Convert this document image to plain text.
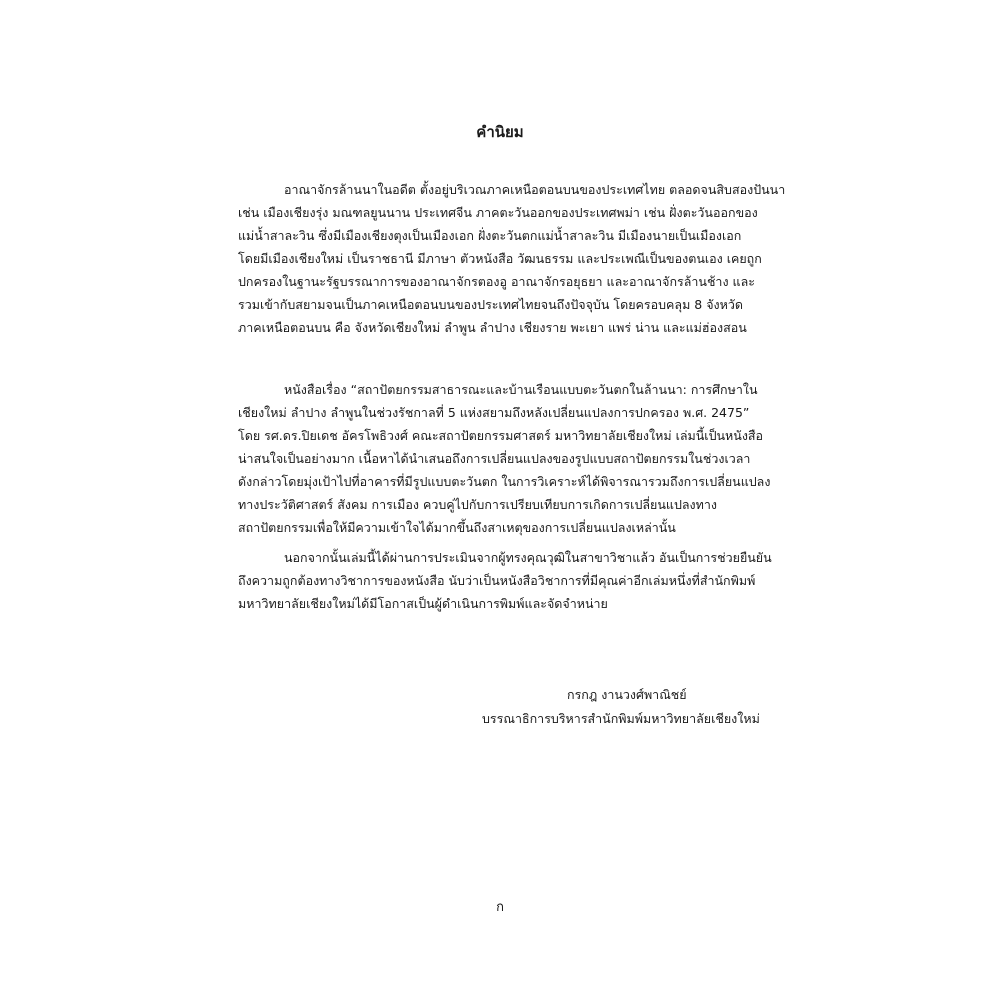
คำนิยม
อาณาจักรล้านนาในอดีต ตั้งอยู่บริเวณภาคเหนือตอนบนของประเทศไทย ตลอดจนสิบสองปันนา
เช่น เมืองเชียงรุ่ง มณฑลยูนนาน ประเทศจีน ภาคตะวันออกของประเทศพม่า เช่น ฝั่งตะวันออกของ
แม่น้ำสาละวิน ซึ่งมีเมืองเชียงตุงเป็นเมืองเอก ฝั่งตะวันตกแม่น้ำสาละวิน มีเมืองนายเป็นเมืองเอก
โดยมีเมืองเชียงใหม่ เป็นราชธานี มีภาษา ตัวหนังสือ วัฒนธรรม และประเพณีเป็นของตนเอง เคยถูก
ปกครองในฐานะรัฐบรรณาการของอาณาจักรตองอู อาณาจักรอยุธยา และอาณาจักรล้านช้าง และ
รวมเข้ากับสยามจนเป็นภาคเหนือตอนบนของประเทศไทยจนถึงปัจจุบัน โดยครอบคลุม 8 จังหวัด
ภาคเหนือตอนบน คือ จังหวัดเชียงใหม่ ลำพูน ลำปาง เชียงราย พะเยา แพร่ น่าน และแม่ฮ่องสอน
หนังสือเรื่อง “สถาปัตยกรรมสาธารณะและบ้านเรือนแบบตะวันตกในล้านนา: การศึกษาใน
เชียงใหม่ ลำปาง ลำพูนในช่วงรัชกาลที่ 5 แห่งสยามถึงหลังเปลี่ยนแปลงการปกครอง พ.ศ. 2475”
โดย รศ.ดร.ปิยเดช อัครโพธิวงศ์ คณะสถาปัตยกรรมศาสตร์ มหาวิทยาลัยเชียงใหม่ เล่มนี้เป็นหนังสือ
น่าสนใจเป็นอย่างมาก เนื้อหาได้นำเสนอถึงการเปลี่ยนแปลงของรูปแบบสถาปัตยกรรมในช่วงเวลา
ดังกล่าวโดยมุ่งเป้าไปที่อาคารที่มีรูปแบบตะวันตก ในการวิเคราะห์ได้พิจารณารวมถึงการเปลี่ยนแปลง
ทางประวัติศาสตร์ สังคม การเมือง ควบคู่ไปกับการเปรียบเทียบการเกิดการเปลี่ยนแปลงทาง
สถาปัตยกรรมเพื่อให้มีความเข้าใจได้มากขึ้นถึงสาเหตุของการเปลี่ยนแปลงเหล่านั้น
นอกจากนั้นเล่มนี้ได้ผ่านการประเมินจากผู้ทรงคุณวุฒิในสาขาวิชาแล้ว อันเป็นการช่วยยืนยัน
ถึงความถูกต้องทางวิชาการของหนังสือ นับว่าเป็นหนังสือวิชาการที่มีคุณค่าอีกเล่มหนึ่งที่สำนักพิมพ์
มหาวิทยาลัยเชียงใหม่ได้มีโอกาสเป็นผู้ดำเนินการพิมพ์และจัดจำหน่าย
กรกฎ งานวงศ์พาณิชย์
บรรณาธิการบริหารสำนักพิมพ์มหาวิทยาลัยเชียงใหม่
ก
